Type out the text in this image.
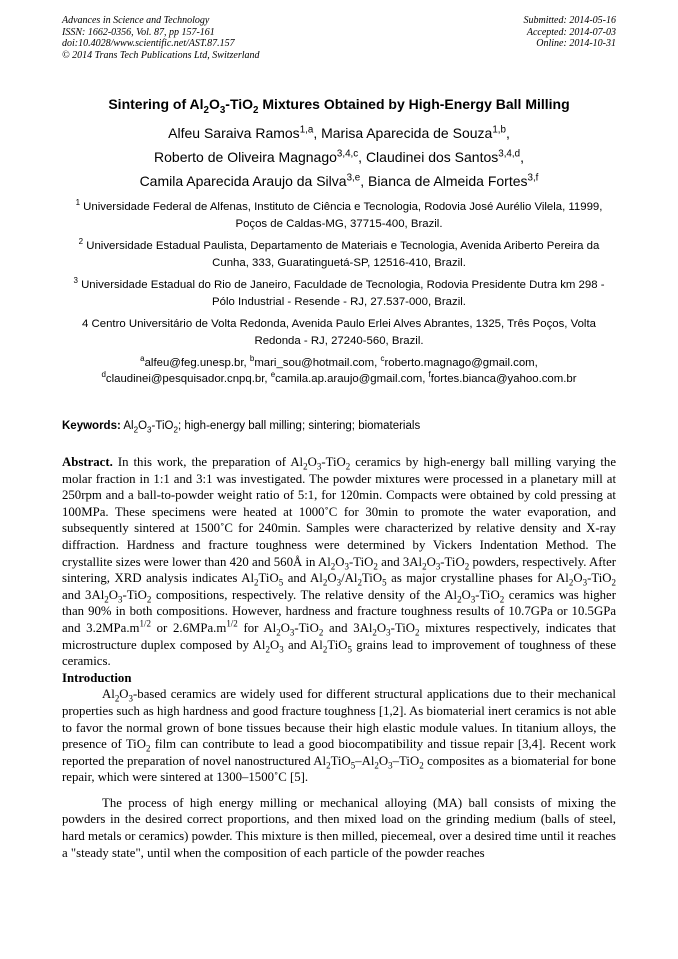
Advances in Science and Technology
ISSN: 1662-0356, Vol. 87, pp 157-161
doi:10.4028/www.scientific.net/AST.87.157
© 2014 Trans Tech Publications Ltd, Switzerland
Submitted: 2014-05-16
Accepted: 2014-07-03
Online: 2014-10-31
Sintering of $Al_2O_3-TiO_2$ Mixtures Obtained by High-Energy Ball Milling
Alfeu Saraiva Ramos$^{1,a}$, Marisa Aparecida de Souza$^{1,b}$,
Roberto de Oliveira Magnago$^{3,4,c}$, Claudinei dos Santos$^{3,4,d}$,
Camila Aparecida Araujo da Silva$^{3,e}$, Bianca de Almeida Fortes$^{3,f}$
$^1$ Universidade Federal de Alfenas, Instituto de Ciência e Tecnologia, Rodovia José Aurélio Vilela, 11999, Poços de Caldas-MG, 37715-400, Brazil.
$^2$ Universidade Estadual Paulista, Departamento de Materiais e Tecnologia, Avenida Ariberto Pereira da Cunha, 333, Guaratinguetá-SP, 12516-410, Brazil.
$^3$ Universidade Estadual do Rio de Janeiro, Faculdade de Tecnologia, Rodovia Presidente Dutra km 298 - Pólo Industrial - Resende - RJ, 27.537-000, Brazil.
4 Centro Universitário de Volta Redonda, Avenida Paulo Erlei Alves Abrantes, 1325, Três Poços, Volta Redonda - RJ, 27240-560, Brazil.
$^a$alfeu@feg.unesp.br, $^b$mari_sou@hotmail.com, $^c$roberto.magnago@gmail.com,
$^d$claudinei@pesquisador.cnpq.br, $^e$camila.ap.araujo@gmail.com, $^f$fortes.bianca@yahoo.com.br
Keywords: $Al_2O_3-TiO_2$; high-energy ball milling; sintering; biomaterials

Abstract. In this work, the preparation of $Al_2O_3-TiO_2$ ceramics by high-energy ball milling varying the molar fraction in 1:1 and 3:1 was investigated. The powder mixtures were processed in a planetary mill at 250rpm and a ball-to-powder weight ratio of 5:1, for 120min. Compacts were obtained by cold pressing at 100MPa. These specimens were heated at 1000˚C for 30min to promote the water evaporation, and subsequently sintered at 1500˚C for 240min. Samples were characterized by relative density and X-ray diffraction. Hardness and fracture toughness were determined by Vickers Indentation Method. The crystallite sizes were lower than 420 and 560Å in $Al_2O_3-TiO_2$ and $3Al_2O_3-TiO_2$ powders, respectively. After sintering, XRD analysis indicates $Al_2TiO_5$ and $Al_2O_3/Al_2TiO_5$ as major crystalline phases for $Al_2O_3-TiO_2$ and $3Al_2O_3-TiO_2$ compositions, respectively. The relative density of the $Al_2O_3-TiO_2$ ceramics was higher than 90% in both compositions. However, hardness and fracture toughness results of 10.7GPa or 10.5GPa and $3.2MPa.m^{1/2}$ or $2.6MPa.m^{1/2}$ for $Al_2O_3-TiO_2$ and $3Al_2O_3-TiO_2$ mixtures respectively, indicates that microstructure duplex composed by $Al_2O_3$ and $Al_2TiO_5$ grains lead to improvement of toughness of these ceramics.

Introduction

$Al_2O_3$-based ceramics are widely used for different structural applications due to their mechanical properties such as high hardness and good fracture toughness [1,2]. As biomaterial inert ceramics is not able to favor the normal grown of bone tissues because their high elastic module values. In titanium alloys, the presence of TiO$_2$ film can contribute to lead a good biocompatibility and tissue repair [3,4]. Recent work reported the preparation of novel nanostructured $Al_2TiO_5-Al_2O_3-TiO_2$ composites as a biomaterial for bone repair, which were sintered at 1300–1500˚C [5].

The process of high energy milling or mechanical alloying (MA) ball consists of mixing the powders in the desired correct proportions, and then mixed load on the grinding medium (balls of steel, hard metals or ceramics) powder. This mixture is then milled, piecemeal, over a desired time until it reaches a "steady state", until when the composition of each particle of the powder reaches
